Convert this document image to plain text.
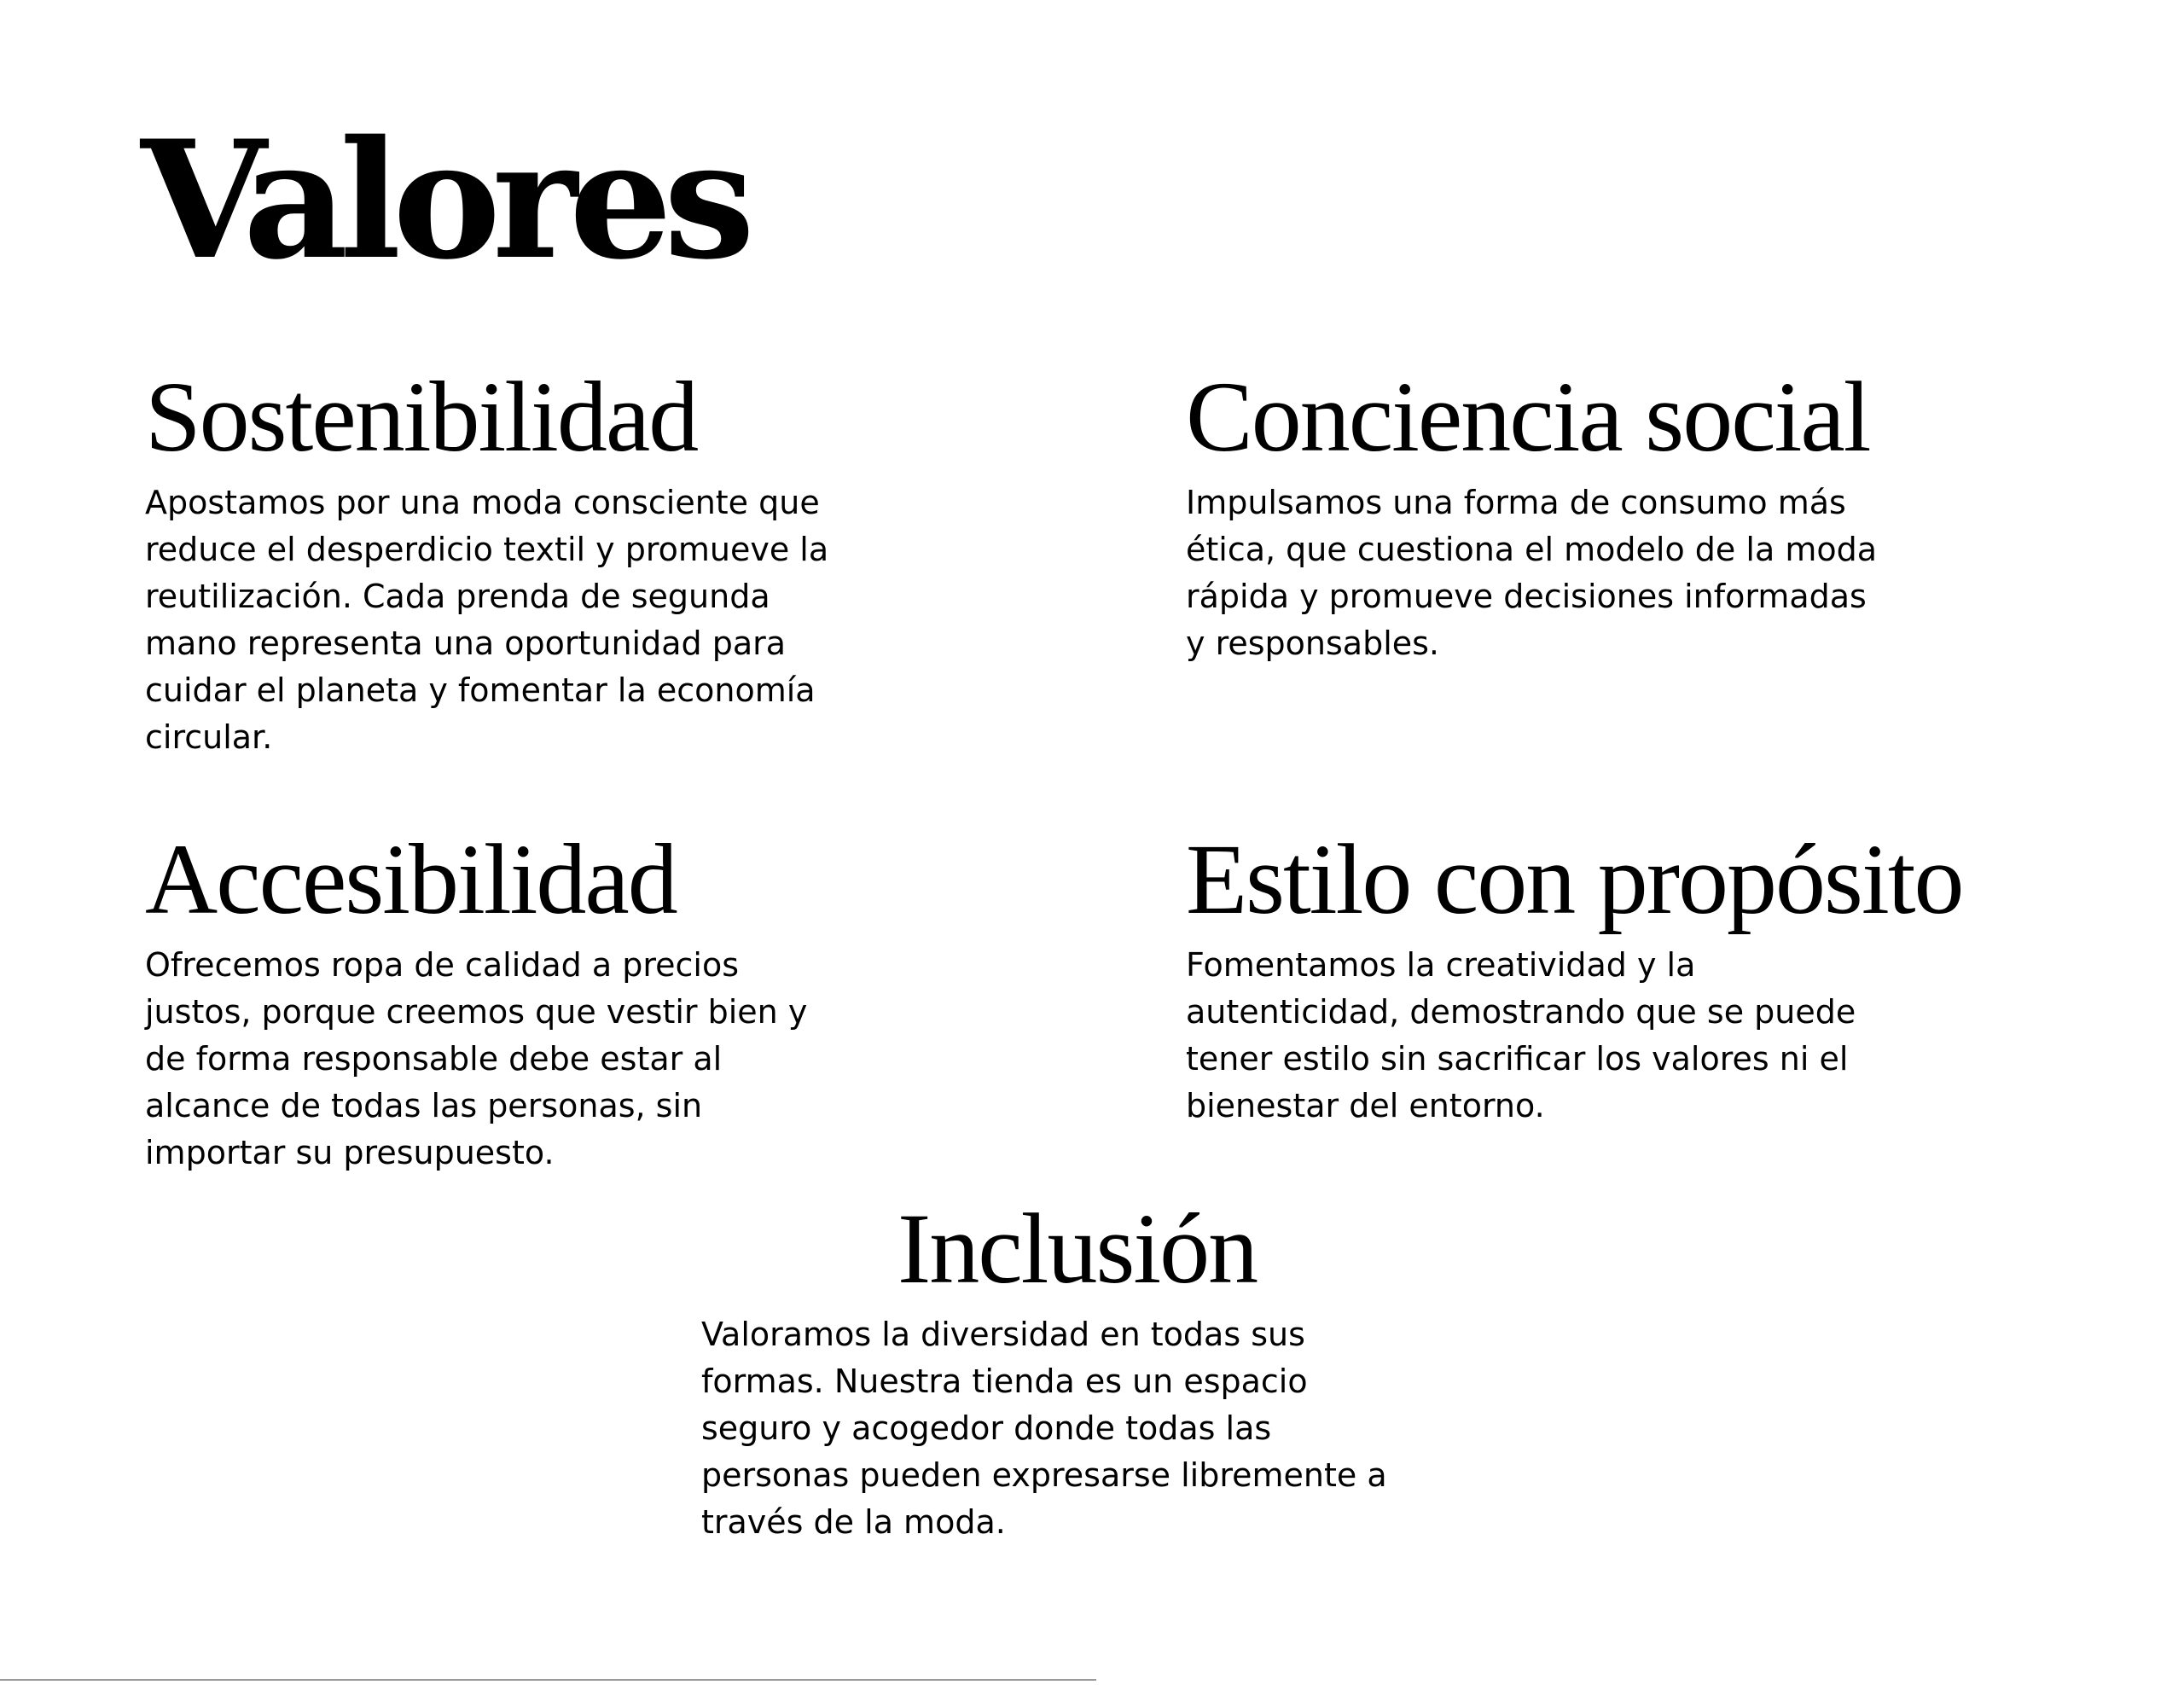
Valores
Sostenibilidad

Apostamos por una moda consciente que
reduce el desperdicio textil y promueve la
reutilización. Cada prenda de segunda
mano representa una oportunidad para
cuidar el planeta y fomentar la economía
circular.

Conciencia social

Impulsamos una forma de consumo más
ética, que cuestiona el modelo de la moda
rápida y promueve decisiones informadas
y responsables.

Accesibilidad

Ofrecemos ropa de calidad a precios
justos, porque creemos que vestir bien y
de forma responsable debe estar al
alcance de todas las personas, sin
importar su presupuesto.

Estilo con propósito

Fomentamos la creatividad y la
autenticidad, demostrando que se puede
tener estilo sin sacrificar los valores ni el
bienestar del entorno.

Inclusión

Valoramos la diversidad en todas sus
formas. Nuestra tienda es un espacio
seguro y acogedor donde todas las
personas pueden expresarse libremente a
través de la moda.
